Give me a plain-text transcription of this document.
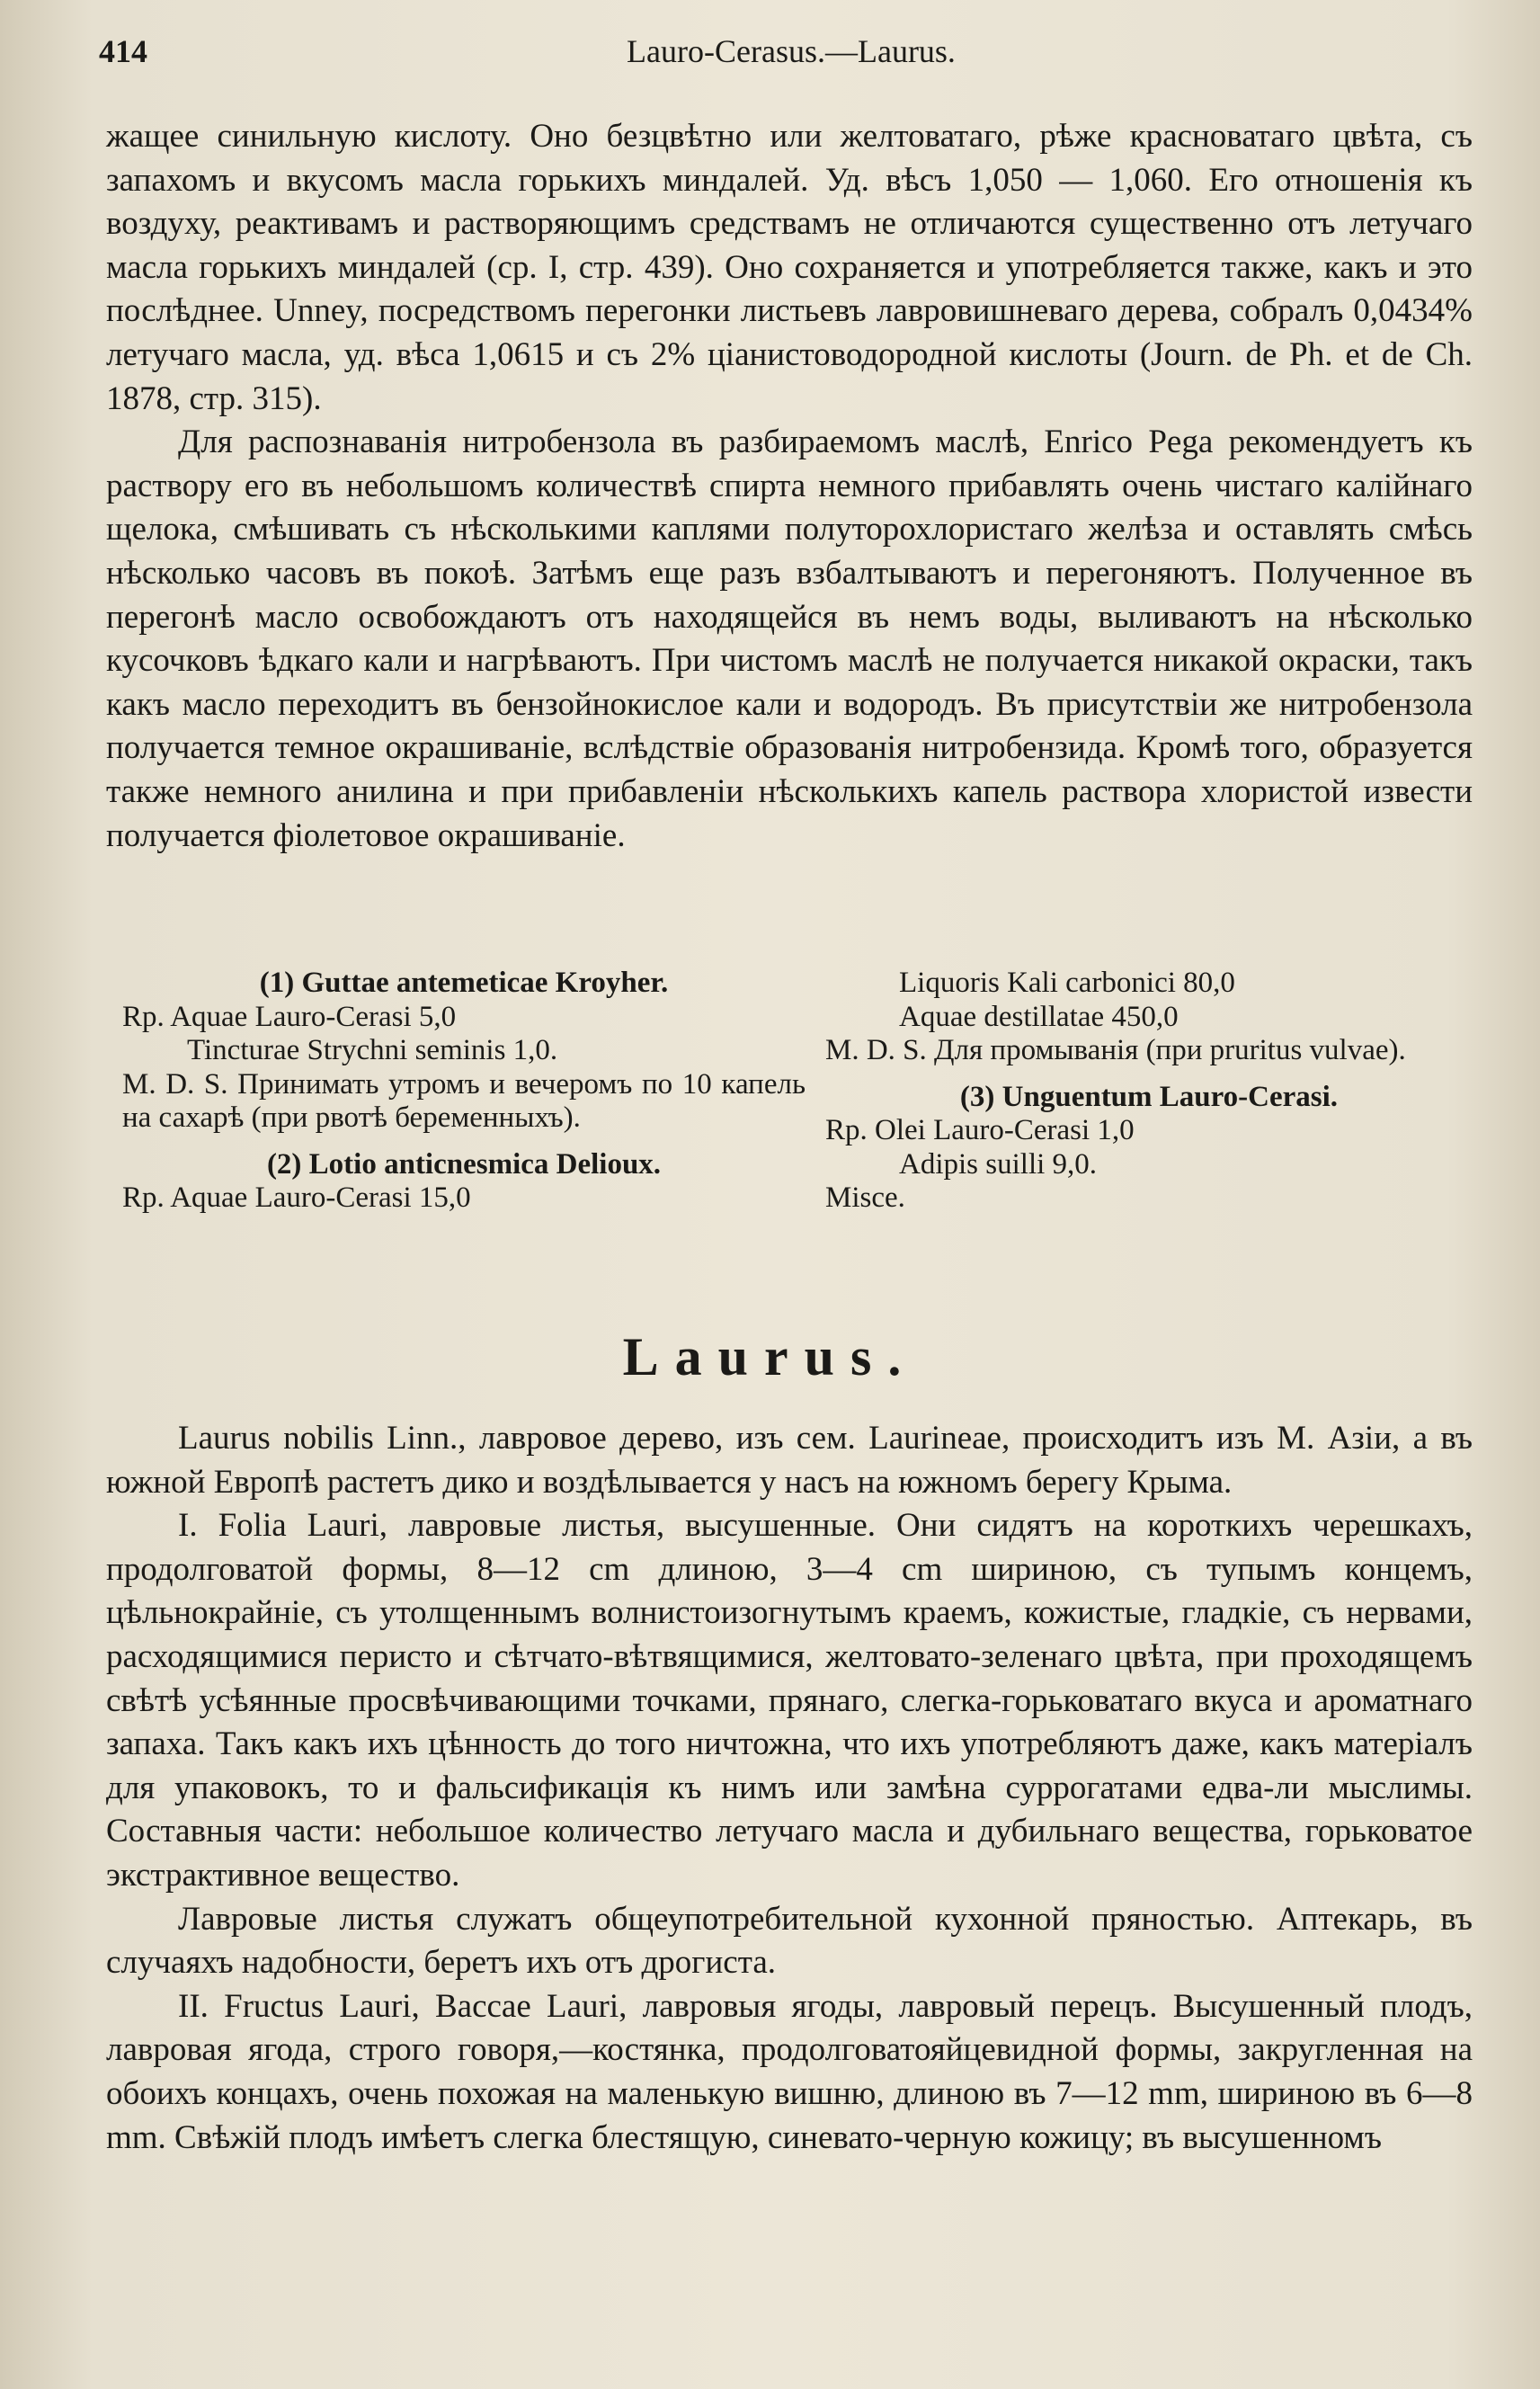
414	Lauro-Cerasus.—Laurus.

жащее синильную кислоту. Оно безцвѣтно или желтоватаго, рѣже красноватаго цвѣта, съ запахомъ и вкусомъ масла горькихъ миндалей. Уд. вѣсъ 1,050 — 1,060. Его отношенія къ воздуху, реактивамъ и растворяющимъ средствамъ не отличаются существенно отъ летучаго масла горькихъ миндалей (ср. I, стр. 439). Оно сохраняется и употребляется также, какъ и это послѣднее. Unney, посредствомъ перегонки листьевъ лавровишневаго дерева, собралъ 0,0434% летучаго масла, уд. вѣса 1,0615 и съ 2% ціанистоводородной кислоты (Journ. de Ph. et de Ch. 1878, стр. 315).

Для распознаванія нитробензола въ разбираемомъ маслѣ, Enrico Pega рекомендуетъ къ раствору его въ небольшомъ количествѣ спирта немного прибавлять очень чистаго калійнаго щелока, смѣшивать съ нѣсколькими каплями полуторохлористаго желѣза и оставлять смѣсь нѣсколько часовъ въ покоѣ. Затѣмъ еще разъ взбалтываютъ и перегоняютъ. Полученное въ перегонѣ масло освобождаютъ отъ находящейся въ немъ воды, выливаютъ на нѣсколько кусочковъ ѣдкаго кали и нагрѣваютъ. При чистомъ маслѣ не получается никакой окраски, такъ какъ масло переходитъ въ бензойнокислое кали и водородъ. Въ присутствіи же нитробензола получается темное окрашиваніе, вслѣдствіе образованія нитробензида. Кромѣ того, образуется также немного анилина и при прибавленіи нѣсколькихъ капель раствора хлористой извести получается фіолетовое окрашиваніе.

(1) Guttae antemeticae Kroyher.
Rp. Aquae Lauro-Cerasi 5,0
Tincturae Strychni seminis 1,0.
M. D. S. Принимать утромъ и вечеромъ по 10 капель на сахарѣ (при рвотѣ беременныхъ).
(2) Lotio anticnesmica Delioux.
Rp. Aquae Lauro-Cerasi 15,0
Liquoris Kali carbonici 80,0
Aquae destillatae 450,0
M. D. S. Для промыванія (при pruritus vulvae).
(3) Unguentum Lauro-Cerasi.
Rp. Olei Lauro-Cerasi 1,0
Adipis suilli 9,0.
Misce.
Laurus.

Laurus nobilis Linn., лавровое дерево, изъ сем. Laurineae, происходитъ изъ М. Азіи, а въ южной Европѣ растетъ дико и воздѣлывается у насъ на южномъ берегу Крыма.

I. Folia Lauri, лавровые листья, высушенные. Они сидятъ на короткихъ черешкахъ, продолговатой формы, 8—12 cm длиною, 3—4 cm шириною, съ тупымъ концемъ, цѣльнокрайніе, съ утолщеннымъ волнистоизогнутымъ краемъ, кожистые, гладкіе, съ нервами, расходящимися перисто и сѣтчато-вѣтвящимися, желтовато-зеленаго цвѣта, при проходящемъ свѣтѣ усѣянные просвѣчивающими точками, прянаго, слегка-горьковатаго вкуса и ароматнаго запаха. Такъ какъ ихъ цѣнность до того ничтожна, что ихъ употребляютъ даже, какъ матеріалъ для упаковокъ, то и фальсификація къ нимъ или замѣна суррогатами едва-ли мыслимы. Составныя части: небольшое количество летучаго масла и дубильнаго вещества, горьковатое экстрактивное вещество.

Лавровые листья служатъ общеупотребительной кухонной пряностью. Аптекарь, въ случаяхъ надобности, беретъ ихъ отъ дрогиста.

II. Fructus Lauri, Baccae Lauri, лавровыя ягоды, лавровый перецъ. Высушенный плодъ, лавровая ягода, строго говоря,—костянка, продолговатояйцевидной формы, закругленная на обоихъ концахъ, очень похожая на маленькую вишню, длиною въ 7—12 mm, шириною въ 6—8 mm. Свѣжій плодъ имѣетъ слегка блестящую, синевато-черную кожицу; въ высушенномъ
